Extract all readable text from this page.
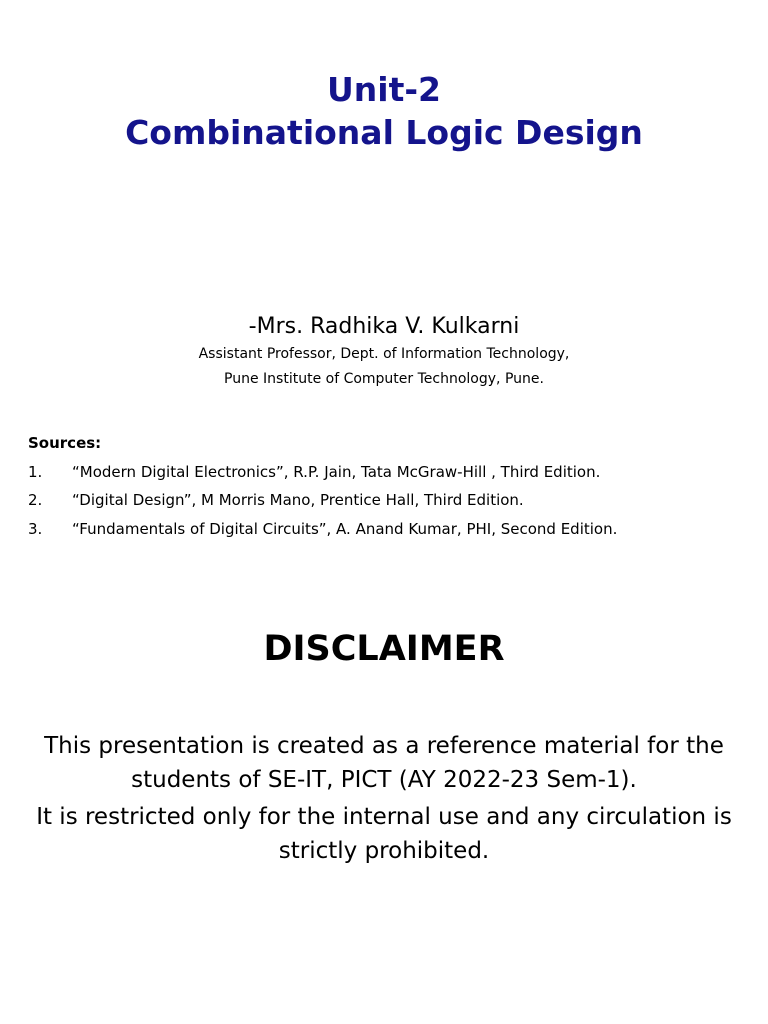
Unit-2
Combinational Logic Design
-Mrs. Radhika V. Kulkarni
Assistant Professor, Dept. of Information Technology,
Pune Institute of Computer Technology, Pune.
Sources:
1.	“Modern Digital Electronics”, R.P. Jain, Tata McGraw-Hill , Third Edition.
2.	“Digital Design”, M Morris Mano, Prentice Hall, Third Edition.
3.	“Fundamentals of Digital Circuits”, A. Anand Kumar, PHI, Second Edition.
DISCLAIMER

This presentation is created as a reference material for the students of SE-IT, PICT (AY 2022-23 Sem-1).

It is restricted only for the internal use and any circulation is strictly prohibited.
